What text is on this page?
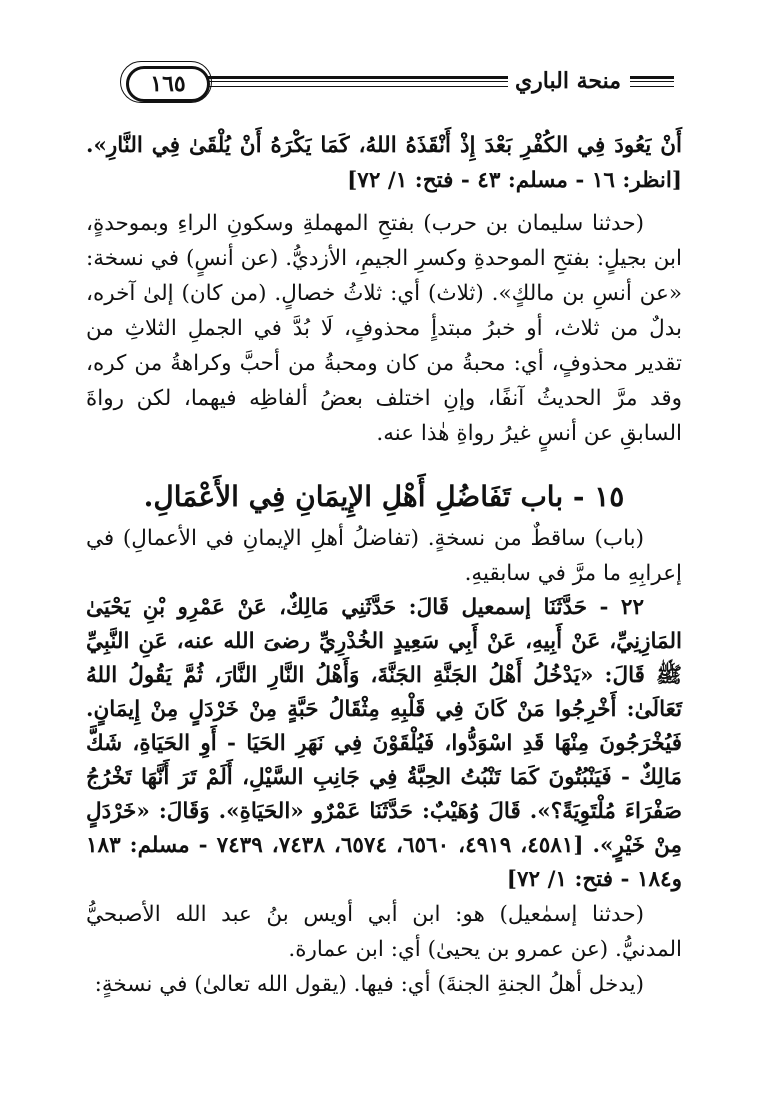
١٦٥	منحة الباري

أَنْ يَعُودَ فِي الكُفْرِ بَعْدَ إِذْ أَنْقَذَهُ اللهُ، كَمَا يَكْرَهُ أَنْ يُلْقَىٰ فِي النَّارِ». [انظر: ١٦ - مسلم: ٤٣ - فتح: ١/ ٧٢]

(حدثنا سليمان بن حرب) بفتحِ المهملةِ وسكونِ الراءِ وبموحدةٍ، ابن بجيلٍ: بفتحِ الموحدةِ وكسرِ الجيمِ، الأزديُّ. (عن أنسٍ) في نسخة: «عن أنسِ بن مالكٍ». (ثلاث) أي: ثلاثُ خصالٍ. (من كان) إلىٰ آخره، بدلٌ من ثلاث، أو خبرُ مبتدأٍ محذوفٍ، لَا بُدَّ في الجملِ الثلاثِ من تقدير محذوفٍ، أي: محبةُ من كان ومحبةُ من أحبَّ وكراهةُ من كره، وقد مرَّ الحديثُ آنفًا، وإنِ اختلف بعضُ ألفاظِه فيهما، لكن رواةَ السابقِ عن أنسٍ غيرُ رواةِ هٰذا عنه.

١٥ - باب تَفَاضُلِ أَهْلِ الإِيمَانِ فِي الأَعْمَالِ.

(باب) ساقطٌ من نسخةٍ. (تفاضلُ أهلِ الإيمانِ في الأعمالِ) في إعرابِهِ ما مرَّ في سابقيهِ.

٢٢ - حَدَّثَنَا إسمعيل قَالَ: حَدَّثَنِي مَالِكٌ، عَنْ عَمْرِو بْنِ يَحْيَىٰ المَازِنِيِّ، عَنْ أَبِيهِ، عَنْ أَبِي سَعِيدٍ الخُدْرِيِّ رضىَ الله عنه، عَنِ النَّبِيِّ ﷺ قَالَ: «يَدْخُلُ أَهْلُ الجَنَّةِ الجَنَّةَ، وَأَهْلُ النَّارِ النَّارَ، ثُمَّ يَقُولُ اللهُ تَعَالَىٰ: أَخْرِجُوا مَنْ كَانَ فِي قَلْبِهِ مِثْقَالُ حَبَّةٍ مِنْ خَرْدَلٍ مِنْ إِيمَانٍ. فَيُخْرَجُونَ مِنْهَا قَدِ اسْوَدُّوا، فَيُلْقَوْنَ فِي نَهَرِ الحَيَا - أَوِ الحَيَاةِ، شَكَّ مَالِكٌ - فَيَنْبُتُونَ كَمَا تَنْبُتُ الحِبَّةُ فِي جَانِبِ السَّيْلِ، أَلَمْ تَرَ أَنَّهَا تَخْرُجُ صَفْرَاءَ مُلْتَوِيَةً؟». قَالَ وُهَيْبٌ: حَدَّثَنَا عَمْرٌو «الحَيَاةِ». وَقَالَ: «خَرْدَلٍ مِنْ خَيْرٍ». [٤٥٨١، ٤٩١٩، ٦٥٦٠، ٦٥٧٤، ٧٤٣٨، ٧٤٣٩ - مسلم: ١٨٣ و١٨٤ - فتح: ١/ ٧٢]

(حدثنا إسمٰعيل) هو: ابن أبي أويس بنُ عبد الله الأصبحيُّ المدنيُّ. (عن عمرو بن يحيىٰ) أي: ابن عمارة.

(يدخل أهلُ الجنةِ الجنةَ) أي: فيها. (يقول الله تعالىٰ) في نسخةٍ:
